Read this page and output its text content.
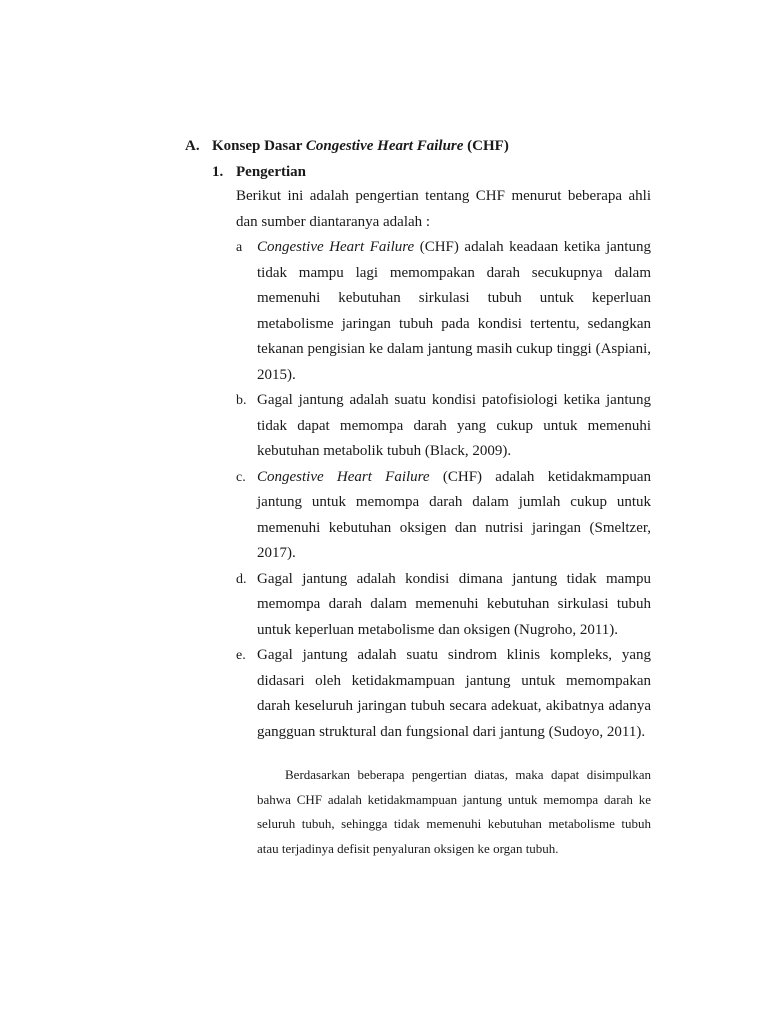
A. Konsep Dasar Congestive Heart Failure (CHF)
1. Pengertian

Berikut ini adalah pengertian tentang CHF menurut beberapa ahli dan sumber diantaranya adalah :

a Congestive Heart Failure (CHF) adalah keadaan ketika jantung tidak mampu lagi memompakan darah secukupnya dalam memenuhi kebutuhan sirkulasi tubuh untuk keperluan metabolisme jaringan tubuh pada kondisi tertentu, sedangkan tekanan pengisian ke dalam jantung masih cukup tinggi (Aspiani, 2015).
b. Gagal jantung adalah suatu kondisi patofisiologi ketika jantung tidak dapat memompa darah yang cukup untuk memenuhi kebutuhan metabolik tubuh (Black, 2009).
c. Congestive Heart Failure (CHF) adalah ketidakmampuan jantung untuk memompa darah dalam jumlah cukup untuk memenuhi kebutuhan oksigen dan nutrisi jaringan (Smeltzer, 2017).
d. Gagal jantung adalah kondisi dimana jantung tidak mampu memompa darah dalam memenuhi kebutuhan sirkulasi tubuh untuk keperluan metabolisme dan oksigen (Nugroho, 2011).
e. Gagal jantung adalah suatu sindrom klinis kompleks, yang didasari oleh ketidakmampuan jantung untuk memompakan darah keseluruh jaringan tubuh secara adekuat, akibatnya adanya gangguan struktural dan fungsional dari jantung (Sudoyo, 2011).

Berdasarkan beberapa pengertian diatas, maka dapat disimpulkan bahwa CHF adalah ketidakmampuan jantung untuk memompa darah ke seluruh tubuh, sehingga tidak memenuhi kebutuhan metabolisme tubuh atau terjadinya defisit penyaluran oksigen ke organ tubuh.
